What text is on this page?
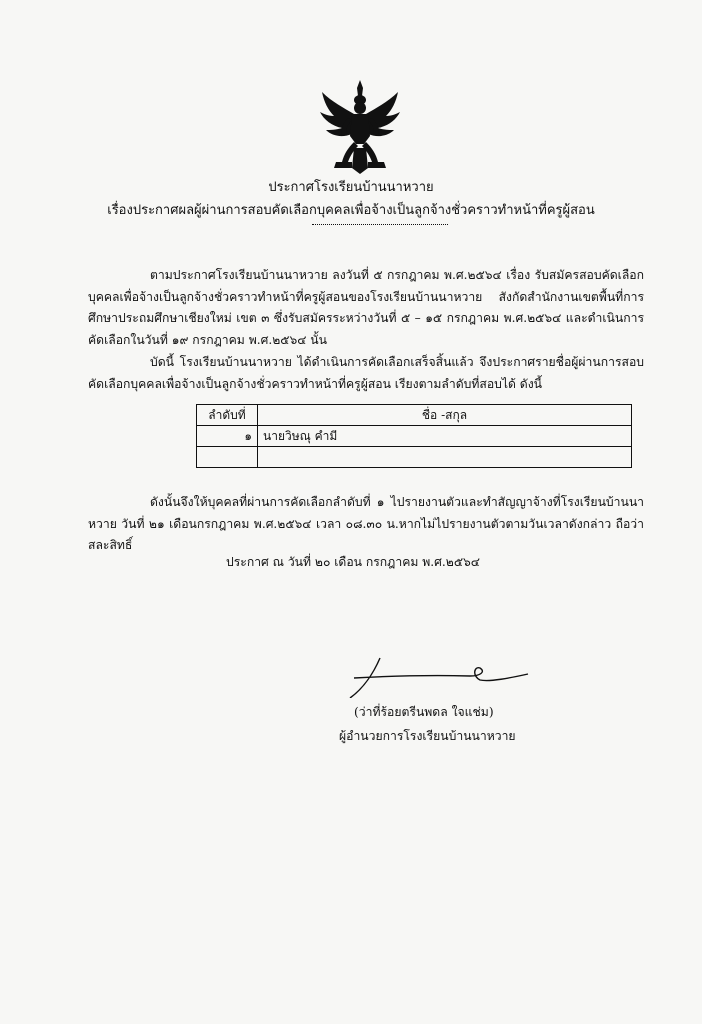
ประกาศโรงเรียนบ้านนาหวาย
เรื่องประกาศผลผู้ผ่านการสอบคัดเลือกบุคคลเพื่อจ้างเป็นลูกจ้างชั่วคราวทำหน้าที่ครูผู้สอน
ตามประกาศโรงเรียนบ้านนาหวาย ลงวันที่ ๕ กรกฎาคม พ.ศ.๒๕๖๔ เรื่อง รับสมัครสอบคัดเลือกบุคคลเพื่อจ้างเป็นลูกจ้างชั่วคราวทำหน้าที่ครูผู้สอนของโรงเรียนบ้านนาหวาย สังกัดสำนักงานเขตพื้นที่การศึกษาประถมศึกษาเชียงใหม่ เขต ๓ ซึ่งรับสมัครระหว่างวันที่ ๕ – ๑๕ กรกฎาคม พ.ศ.๒๕๖๔ และดำเนินการคัดเลือกในวันที่ ๑๙ กรกฎาคม พ.ศ.๒๕๖๔ นั้น
บัดนี้ โรงเรียนบ้านนาหวาย ได้ดำเนินการคัดเลือกเสร็จสิ้นแล้ว จึงประกาศรายชื่อผู้ผ่านการสอบคัดเลือกบุคคลเพื่อจ้างเป็นลูกจ้างชั่วคราวทำหน้าที่ครูผู้สอน เรียงตามลำดับที่สอบได้ ดังนี้
ลำดับที่	ชื่อ -สกุล
๑	นายวิษณุ คำมี

ดังนั้นจึงให้บุคคลที่ผ่านการคัดเลือกลำดับที่ ๑ ไปรายงานตัวและทำสัญญาจ้างที่โรงเรียนบ้านนาหวาย วันที่ ๒๑ เดือนกรกฎาคม พ.ศ.๒๕๖๔ เวลา ๐๘.๓๐ น.หากไม่ไปรายงานตัวตามวันเวลาดังกล่าว ถือว่าสละสิทธิ์
ประกาศ ณ วันที่ ๒๐ เดือน กรกฎาคม พ.ศ.๒๕๖๔
(ว่าที่ร้อยตรีนพดล ใจแช่ม)
ผู้อำนวยการโรงเรียนบ้านนาหวาย
